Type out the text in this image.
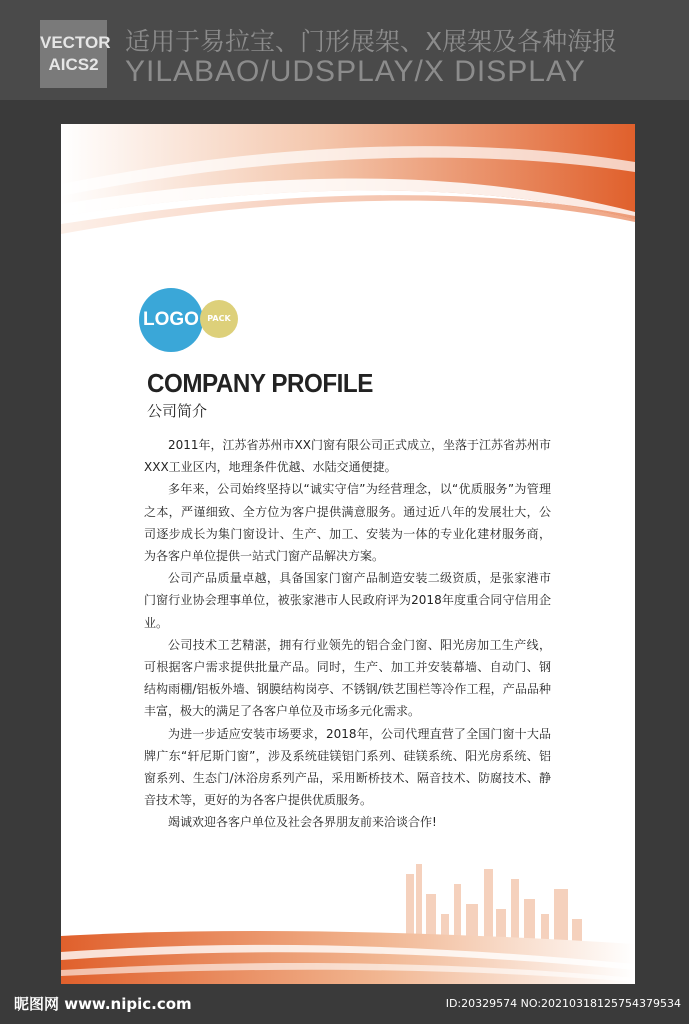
VECTOR
AICS2
适用于易拉宝、门形展架、X展架及各种海报
YILABAO/UDSPLAY/X DISPLAY
LOGO	PACK
COMPANY PROFILE
公司简介

2011年，江苏省苏州市XX门窗有限公司正式成立，坐落于江苏省苏州市XXX工业区内，地理条件优越、水陆交通便捷。

多年来，公司始终坚持以“诚实守信”为经营理念，以“优质服务”为管理之本，严谨细致、全方位为客户提供满意服务。通过近八年的发展壮大，公司逐步成长为集门窗设计、生产、加工、安装为一体的专业化建材服务商，为各客户单位提供一站式门窗产品解决方案。

公司产品质量卓越，具备国家门窗产品制造安装二级资质，是张家港市门窗行业协会理事单位，被张家港市人民政府评为2018年度重合同守信用企业。

公司技术工艺精湛，拥有行业领先的铝合金门窗、阳光房加工生产线，可根据客户需求提供批量产品。同时，生产、加工并安装幕墙、自动门、钢结构雨棚/铝板外墙、钢膜结构岗亭、不锈钢/铁艺围栏等冷作工程，产品品种丰富，极大的满足了各客户单位及市场多元化需求。

为进一步适应安装市场要求，2018年，公司代理直营了全国门窗十大品牌广东“轩尼斯门窗”，涉及系统硅镁铝门系列、硅镁系统、阳光房系统、铝窗系列、生态门/沐浴房系列产品，采用断桥技术、隔音技术、防腐技术、静音技术等，更好的为各客户提供优质服务。

竭诚欢迎各客户单位及社会各界朋友前来洽谈合作!

昵图网 www.nipic.com	ID:20329574 NO:20210318125754379534
